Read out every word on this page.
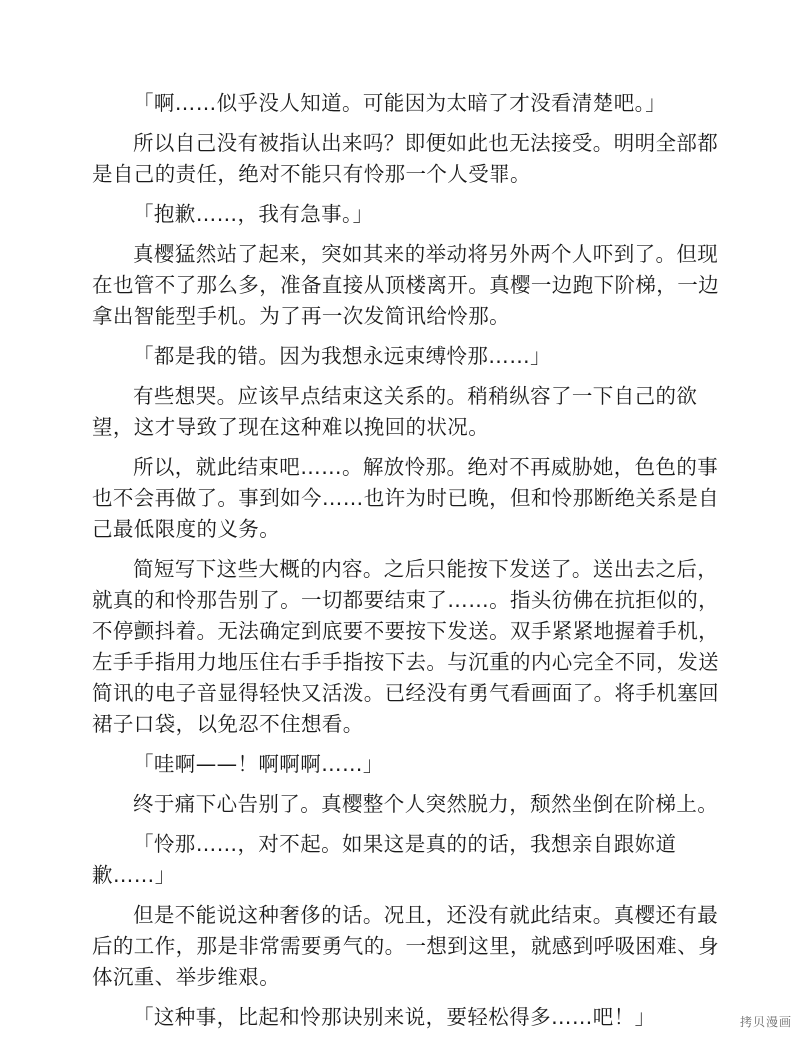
「啊……似乎没人知道。可能因为太暗了才没看清楚吧。」

所以自己没有被指认出来吗？即便如此也无法接受。明明全部都是自己的责任，绝对不能只有怜那一个人受罪。

「抱歉……，我有急事。」

真樱猛然站了起来，突如其来的举动将另外两个人吓到了。但现在也管不了那么多，准备直接从顶楼离开。真樱一边跑下阶梯，一边拿出智能型手机。为了再一次发简讯给怜那。

「都是我的错。因为我想永远束缚怜那……」

有些想哭。应该早点结束这关系的。稍稍纵容了一下自己的欲望，这才导致了现在这种难以挽回的状况。

所以，就此结束吧……。解放怜那。绝对不再威胁她，色色的事也不会再做了。事到如今……也许为时已晚，但和怜那断绝关系是自己最低限度的义务。

简短写下这些大概的内容。之后只能按下发送了。送出去之后，就真的和怜那告别了。一切都要结束了……。指头彷佛在抗拒似的，不停颤抖着。无法确定到底要不要按下发送。双手紧紧地握着手机，左手手指用力地压住右手手指按下去。与沉重的内心完全不同，发送简讯的电子音显得轻快又活泼。已经没有勇气看画面了。将手机塞回裙子口袋，以免忍不住想看。

「哇啊——！啊啊啊……」

终于痛下心告别了。真樱整个人突然脱力，颓然坐倒在阶梯上。

「怜那……，对不起。如果这是真的的话，我想亲自跟妳道歉……」

但是不能说这种奢侈的话。况且，还没有就此结束。真樱还有最后的工作，那是非常需要勇气的。一想到这里，就感到呼吸困难、身体沉重、举步维艰。

「这种事，比起和怜那诀别来说，要轻松得多……吧！」	拷贝漫画
